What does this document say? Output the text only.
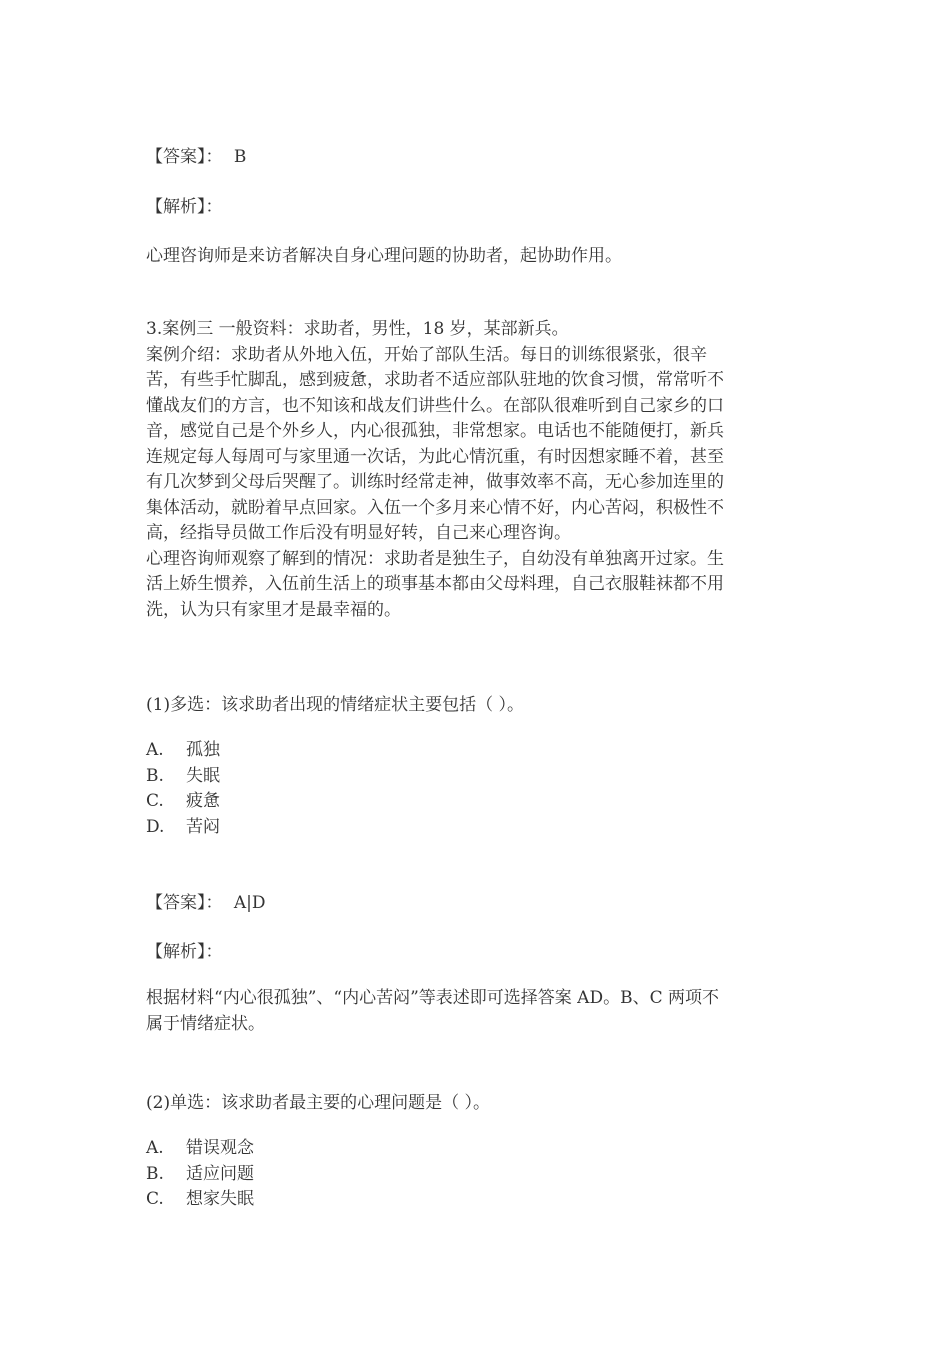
【答案】： B
【解析】：
心理咨询师是来访者解决自身心理问题的协助者，起协助作用。
3.案例三 一般资料：求助者，男性，18 岁，某部新兵。
案例介绍：求助者从外地入伍，开始了部队生活。每日的训练很紧张，很辛
苦，有些手忙脚乱，感到疲惫，求助者不适应部队驻地的饮食习惯，常常听不
懂战友们的方言，也不知该和战友们讲些什么。在部队很难听到自己家乡的口
音，感觉自己是个外乡人，内心很孤独，非常想家。电话也不能随便打，新兵
连规定每人每周可与家里通一次话，为此心情沉重，有时因想家睡不着，甚至
有几次梦到父母后哭醒了。训练时经常走神，做事效率不高，无心参加连里的
集体活动，就盼着早点回家。入伍一个多月来心情不好，内心苦闷，积极性不
高，经指导员做工作后没有明显好转，自己来心理咨询。
心理咨询师观察了解到的情况：求助者是独生子，自幼没有单独离开过家。生
活上娇生惯养，入伍前生活上的琐事基本都由父母料理，自己衣服鞋袜都不用
洗，认为只有家里才是最幸福的。
(1)多选：该求助者出现的情绪症状主要包括（ ）。
A. 孤独
B. 失眠
C. 疲惫
D. 苦闷
【答案】： A|D
【解析】：
根据材料“内心很孤独”、“内心苦闷”等表述即可选择答案 AD。B、C 两项不
属于情绪症状。
(2)单选：该求助者最主要的心理问题是（ ）。
A. 错误观念
B. 适应问题
C. 想家失眠
